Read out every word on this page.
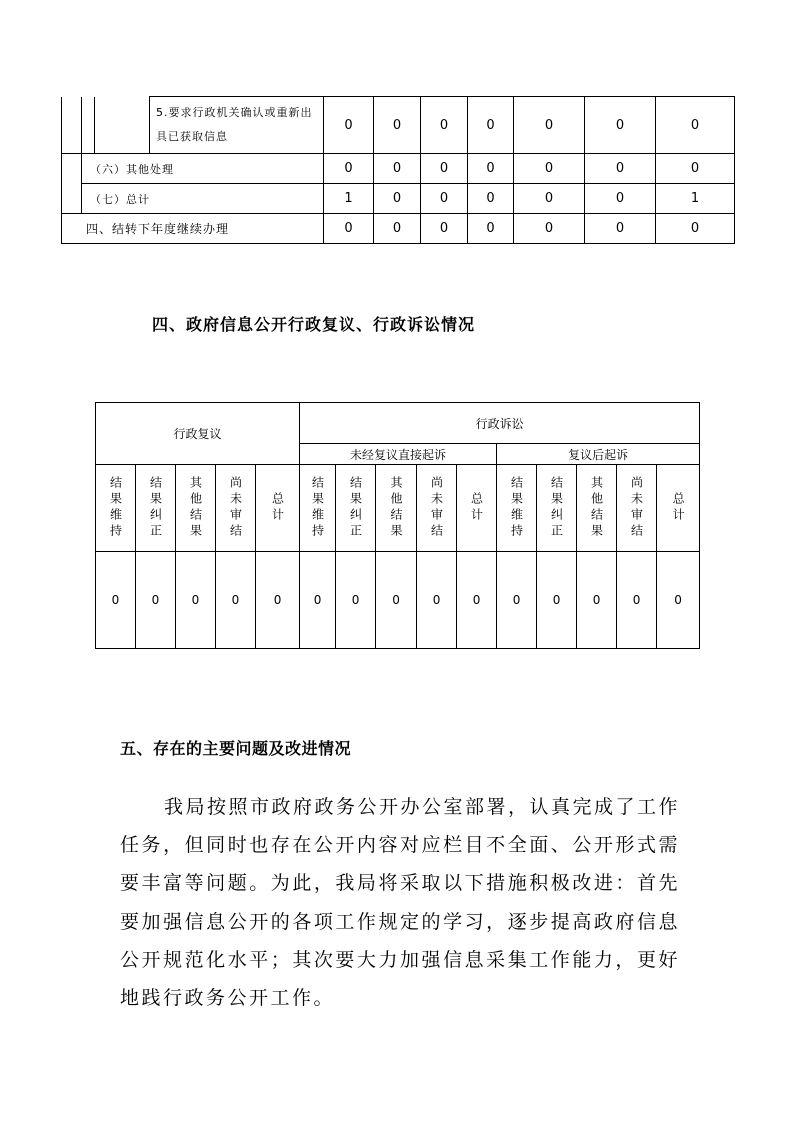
			5.要求行政机关确认或重新出具已获取信息	0	0	0	0	0	0	0
	（六）其他处理			0	0	0	0	0	0	0
	（七）总计			1	0	0	0	0	0	1
四、结转下年度继续办理				0	0	0	0	0	0	0
四、政府信息公开行政复议、行政诉讼情况
行政复议					行政诉讼									
					未经复议直接起诉					复议后起诉				
结果维持	结果纠正	其他结果	尚未审结	总计	结果维持	结果纠正	其他结果	尚未审结	总计	结果维持	结果纠正	其他结果	尚未审结	总计
0	0	0	0	0	0	0	0	0	0	0	0	0	0	0
五、存在的主要问题及改进情况

我局按照市政府政务公开办公室部署，认真完成了工作任务，但同时也存在公开内容对应栏目不全面、公开形式需要丰富等问题。为此，我局将采取以下措施积极改进：首先要加强信息公开的各项工作规定的学习，逐步提高政府信息公开规范化水平；其次要大力加强信息采集工作能力，更好地践行政务公开工作。
